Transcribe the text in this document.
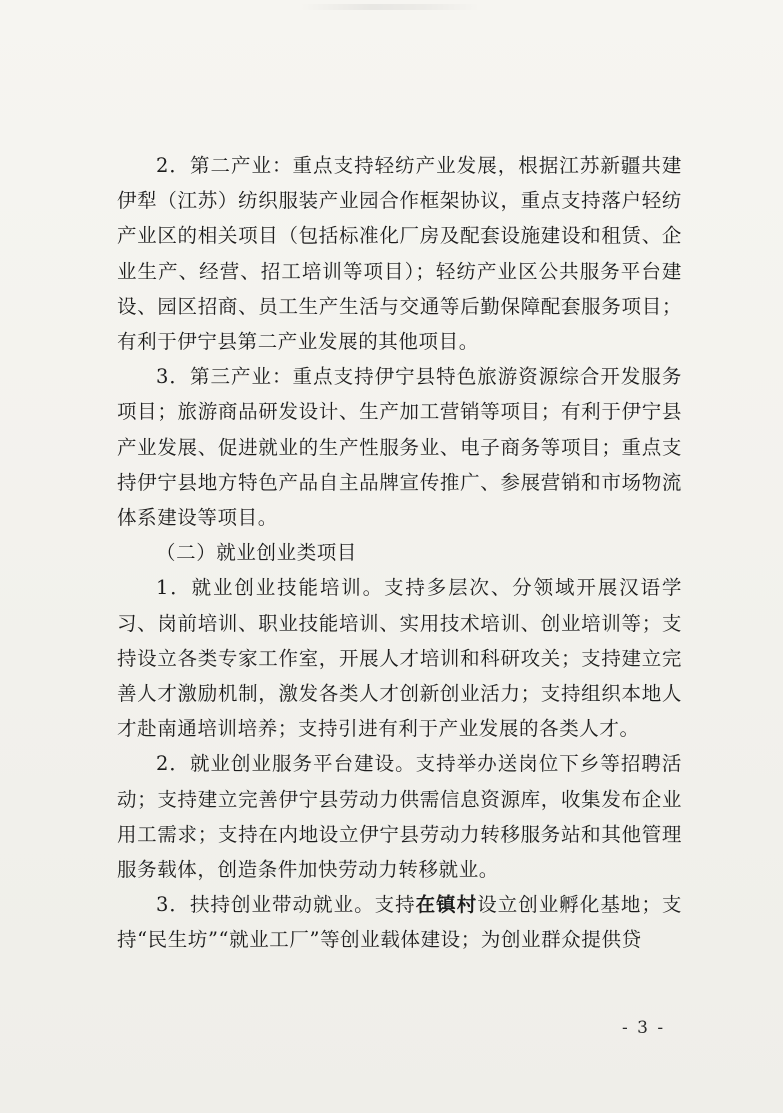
2．第二产业：重点支持轻纺产业发展，根据江苏新疆共建伊犁（江苏）纺织服装产业园合作框架协议，重点支持落户轻纺产业区的相关项目（包括标准化厂房及配套设施建设和租赁、企业生产、经营、招工培训等项目）；轻纺产业区公共服务平台建设、园区招商、员工生产生活与交通等后勤保障配套服务项目；有利于伊宁县第二产业发展的其他项目。

3．第三产业：重点支持伊宁县特色旅游资源综合开发服务项目；旅游商品研发设计、生产加工营销等项目；有利于伊宁县产业发展、促进就业的生产性服务业、电子商务等项目；重点支持伊宁县地方特色产品自主品牌宣传推广、参展营销和市场物流体系建设等项目。

（二）就业创业类项目

1．就业创业技能培训。支持多层次、分领域开展汉语学习、岗前培训、职业技能培训、实用技术培训、创业培训等；支持设立各类专家工作室，开展人才培训和科研攻关；支持建立完善人才激励机制，激发各类人才创新创业活力；支持组织本地人才赴南通培训培养；支持引进有利于产业发展的各类人才。

2．就业创业服务平台建设。支持举办送岗位下乡等招聘活动；支持建立完善伊宁县劳动力供需信息资源库，收集发布企业用工需求；支持在内地设立伊宁县劳动力转移服务站和其他管理服务载体，创造条件加快劳动力转移就业。

3．扶持创业带动就业。支持在镇村设立创业孵化基地；支持“民生坊”“就业工厂”等创业载体建设；为创业群众提供贷

- 3 -
